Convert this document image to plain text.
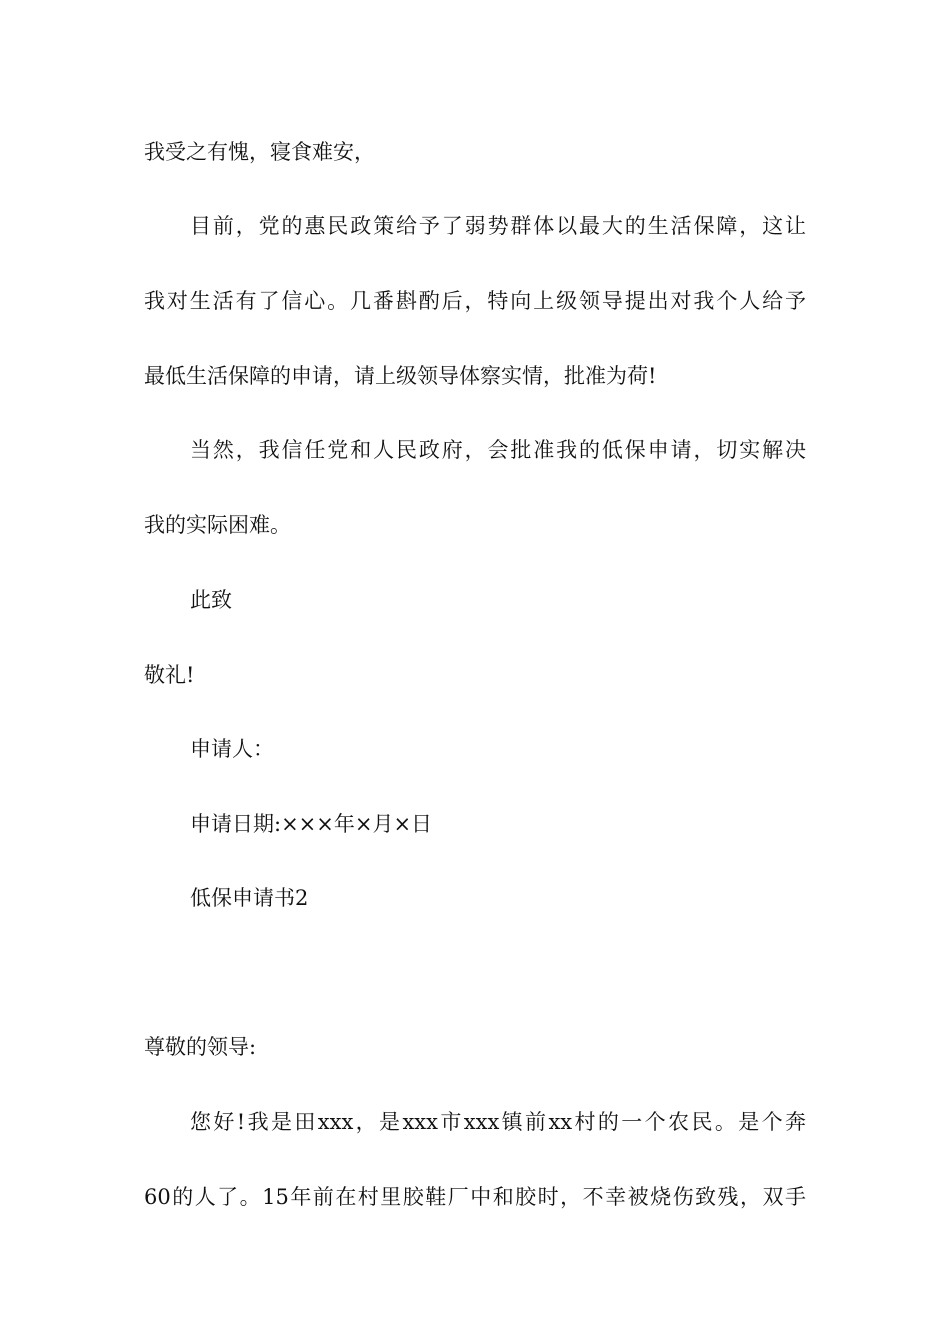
我受之有愧，寝食难安，
目前，党的惠民政策给予了弱势群体以最大的生活保障，这让
我对生活有了信心。几番斟酌后，特向上级领导提出对我个人给予
最低生活保障的申请，请上级领导体察实情，批准为荷!
当然，我信任党和人民政府，会批准我的低保申请，切实解决
我的实际困难。
此致
敬礼!
申请人：
申请日期:×××年×月×日
低保申请书2
尊敬的领导:
您好!我是田xxx，是xxx市xxx镇前xx村的一个农民。是个奔
60的人了。15年前在村里胶鞋厂中和胶时，不幸被烧伤致残，双手
